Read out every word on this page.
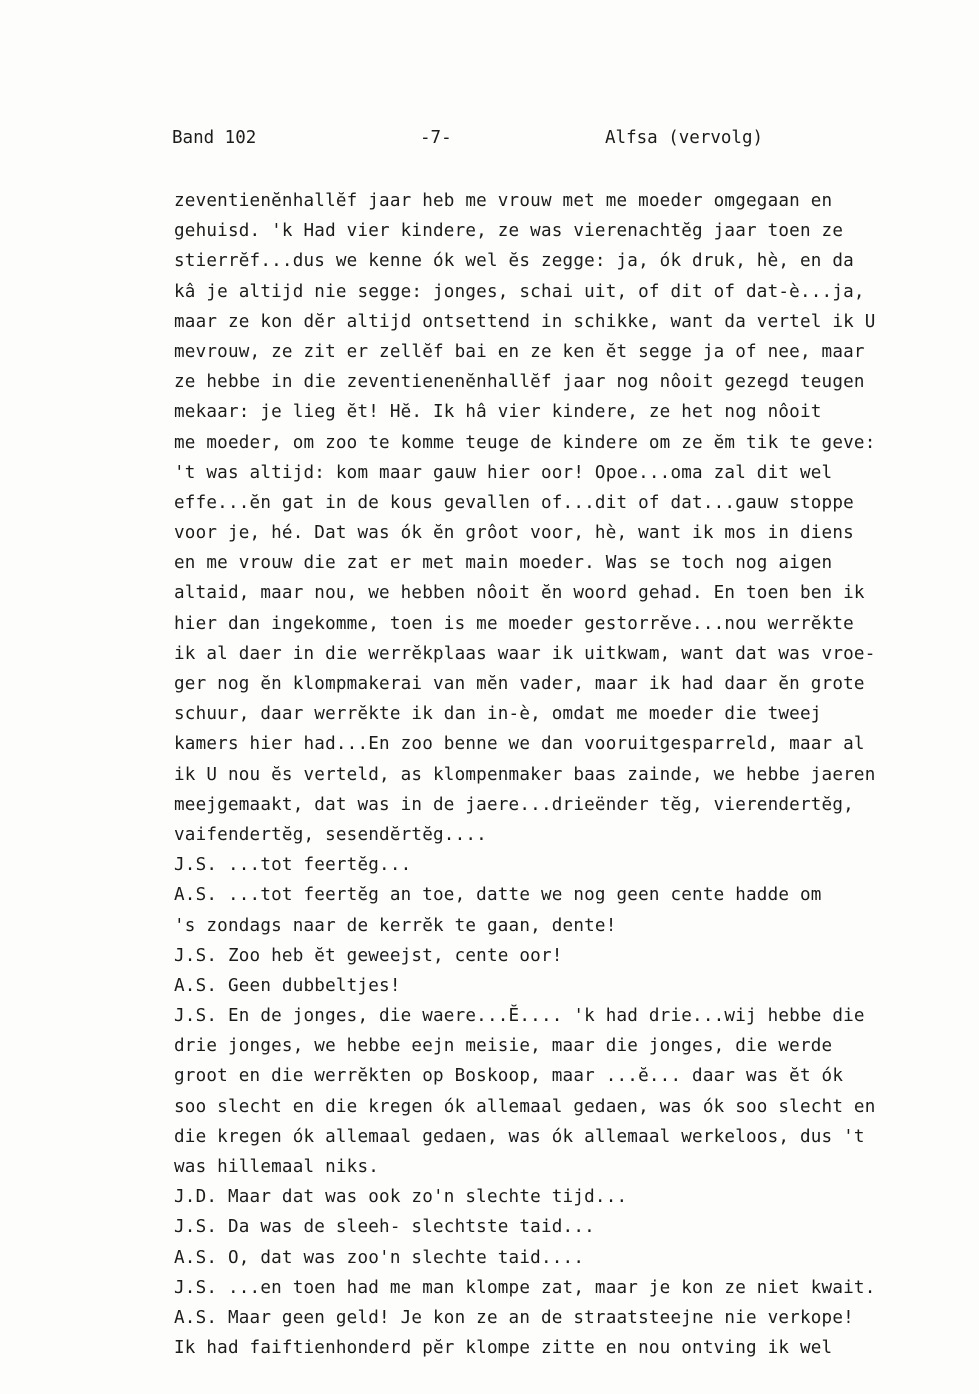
Band 102

	-7-

	Alfsa (vervolg)

zeventienĕnhallĕf jaar heb me vrouw met me moeder omgegaan en
gehuisd. 'k Had vier kindere, ze was vierenachtĕg jaar toen ze
stierrĕf...dus we kenne ók wel ĕs zegge: ja, ók druk, hè, en da
kâ je altijd nie segge: jonges, schai uit, of dit of dat-è...ja,
maar ze kon dĕr altijd ontsettend in schikke, want da vertel ik U
mevrouw, ze zit er zellĕf bai en ze ken ĕt segge ja of nee, maar
ze hebbe in die zeventienenĕnhallĕf jaar nog nôoit gezegd teugen
mekaar: je lieg ĕt! Hĕ. Ik hâ vier kindere, ze het nog nôoit
me moeder, om zoo te komme teuge de kindere om ze ĕm tik te geve:
't was altijd: kom maar gauw hier oor! Opoe...oma zal dit wel
effe...ĕn gat in de kous gevallen of...dit of dat...gauw stoppe
voor je, hé. Dat was ók ĕn grôot voor, hè, want ik mos in diens
en me vrouw die zat er met main moeder. Was se toch nog aigen
altaid, maar nou, we hebben nôoit ĕn woord gehad. En toen ben ik
hier dan ingekomme, toen is me moeder gestorrĕve...nou werrĕkte
ik al daer in die werrĕkplaas waar ik uitkwam, want dat was vroe-
ger nog ĕn klompmakerai van mĕn vader, maar ik had daar ĕn grote
schuur, daar werrĕkte ik dan in-è, omdat me moeder die tweej
kamers hier had...En zoo benne we dan vooruitgesparreld, maar al
ik U nou ĕs verteld, as klompenmaker baas zainde, we hebbe jaeren
meejgemaakt, dat was in de jaere...drieënder tĕg, vierendertĕg,
vaifendertĕg, sesendĕrtĕg....
J.S. ...tot feertĕg...
A.S. ...tot feertĕg an toe, datte we nog geen cente hadde om
's zondags naar de kerrĕk te gaan, dente!
J.S. Zoo heb ĕt geweejst, cente oor!
A.S. Geen dubbeltjes!
J.S. En de jonges, die waere...Ĕ.... 'k had drie...wij hebbe die
drie jonges, we hebbe eejn meisie, maar die jonges, die werde
groot en die werrĕkten op Boskoop, maar ...ĕ... daar was ĕt ók
soo slecht en die kregen ók allemaal gedaen, was ók soo slecht en
die kregen ók allemaal gedaen, was ók allemaal werkeloos, dus 't
was hillemaal niks.
J.D. Maar dat was ook zo'n slechte tijd...
J.S. Da was de sleeh- slechtste taid...
A.S. O, dat was zoo'n slechte taid....
J.S. ...en toen had me man klompe zat, maar je kon ze niet kwait.
A.S. Maar geen geld! Je kon ze an de straatsteejne nie verkope!
Ik had faiftienhonderd pĕr klompe zitte en nou ontving ik wel
